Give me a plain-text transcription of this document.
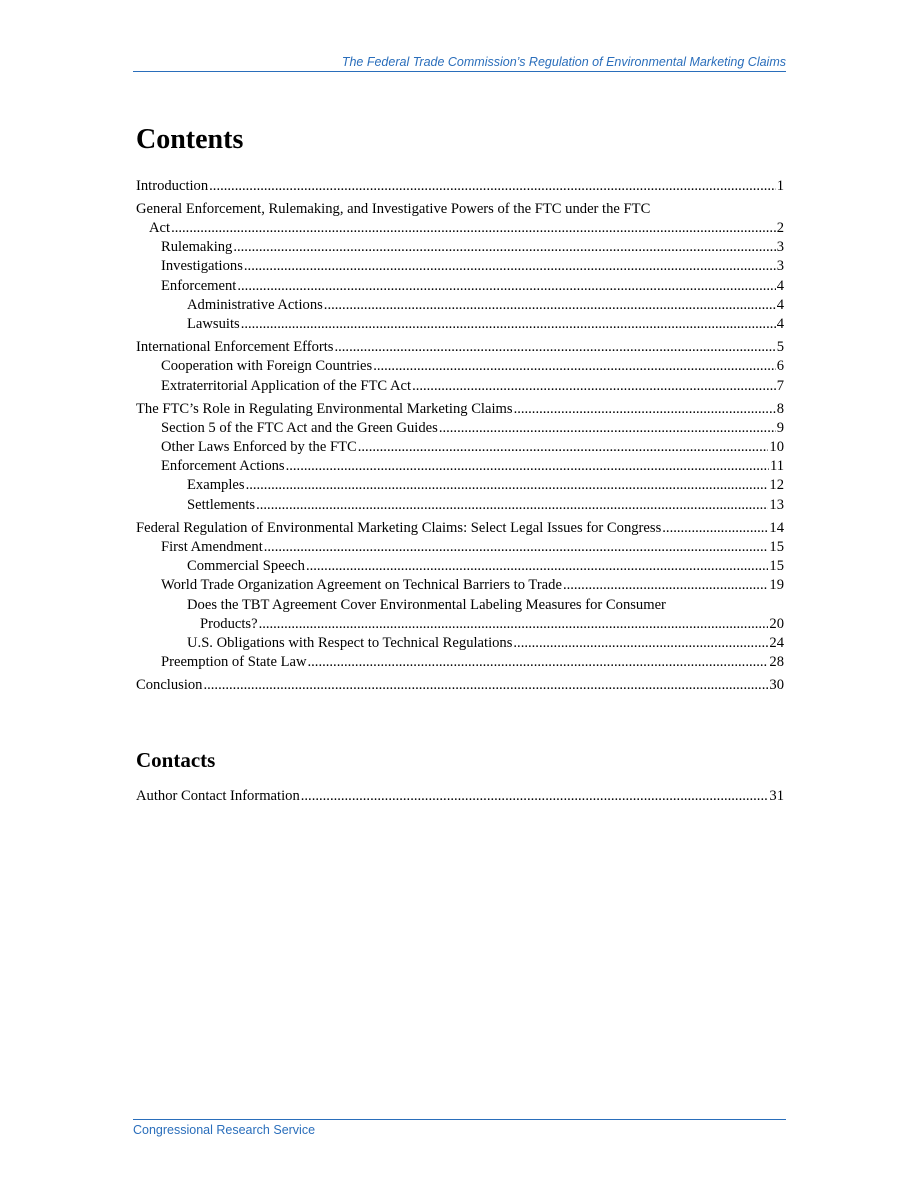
The Federal Trade Commission’s Regulation of Environmental Marketing Claims
Contents
Introduction .....	1
General Enforcement, Rulemaking, and Investigative Powers of the FTC under the FTC
Act .....	2
Rulemaking .....	3
Investigations .....	3
Enforcement .....	4
Administrative Actions .....	4
Lawsuits .....	4
International Enforcement Efforts .....	5
Cooperation with Foreign Countries .....	6
Extraterritorial Application of the FTC Act .....	7
The FTC’s Role in Regulating Environmental Marketing Claims .....	8
Section 5 of the FTC Act and the Green Guides .....	9
Other Laws Enforced by the FTC .....	10
Enforcement Actions .....	11
Examples .....	12
Settlements .....	13
Federal Regulation of Environmental Marketing Claims: Select Legal Issues for Congress .....	14
First Amendment .....	15
Commercial Speech .....	15
World Trade Organization Agreement on Technical Barriers to Trade .....	19
Does the TBT Agreement Cover Environmental Labeling Measures for Consumer
Products? .....	20
U.S. Obligations with Respect to Technical Regulations .....	24
Preemption of State Law .....	28
Conclusion .....	30
Contacts
Author Contact Information .....	31
Congressional Research Service
